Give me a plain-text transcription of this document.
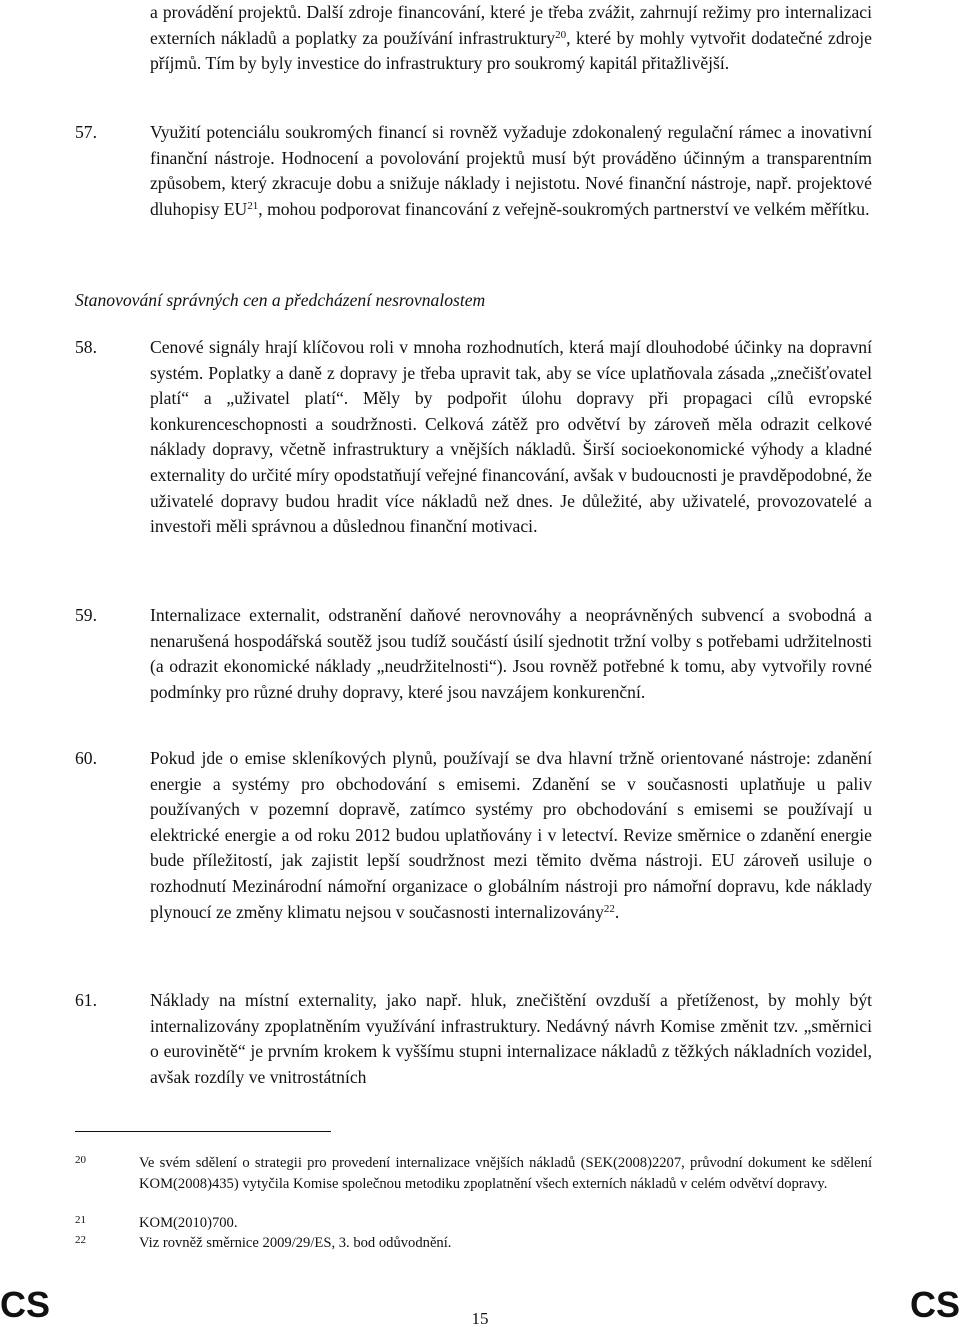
a provádění projektů. Další zdroje financování, které je třeba zvážit, zahrnují režimy pro internalizaci externích nákladů a poplatky za používání infrastruktury$^{20}$, které by mohly vytvořit dodatečné zdroje příjmů. Tím by byly investice do infrastruktury pro soukromý kapitál přitažlivější.
57.	Využití potenciálu soukromých financí si rovněž vyžaduje zdokonalený regulační rámec a inovativní finanční nástroje. Hodnocení a povolování projektů musí být prováděno účinným a transparentním způsobem, který zkracuje dobu a snižuje náklady i nejistotu. Nové finanční nástroje, např. projektové dluhopisy EU$^{21}$, mohou podporovat financování z veřejně-soukromých partnerství ve velkém měřítku.
Stanovování správných cen a předcházení nesrovnalostem
58.	Cenové signály hrají klíčovou roli v mnoha rozhodnutích, která mají dlouhodobé účinky na dopravní systém. Poplatky a daně z dopravy je třeba upravit tak, aby se více uplatňovala zásada „znečišťovatel platí“ a „uživatel platí“. Měly by podpořit úlohu dopravy při propagaci cílů evropské konkurenceschopnosti a soudržnosti. Celková zátěž pro odvětví by zároveň měla odrazit celkové náklady dopravy, včetně infrastruktury a vnějších nákladů. Širší socioekonomické výhody a kladné externality do určité míry opodstatňují veřejné financování, avšak v budoucnosti je pravděpodobné, že uživatelé dopravy budou hradit více nákladů než dnes. Je důležité, aby uživatelé, provozovatelé a investoři měli správnou a důslednou finanční motivaci.
59.	Internalizace externalit, odstranění daňové nerovnováhy a neoprávněných subvencí a svobodná a nenarušená hospodářská soutěž jsou tudíž součástí úsilí sjednotit tržní volby s potřebami udržitelnosti (a odrazit ekonomické náklady „neudržitelnosti“). Jsou rovněž potřebné k tomu, aby vytvořily rovné podmínky pro různé druhy dopravy, které jsou navzájem konkurenční.
60.	Pokud jde o emise skleníkových plynů, používají se dva hlavní tržně orientované nástroje: zdanění energie a systémy pro obchodování s emisemi. Zdanění se v současnosti uplatňuje u paliv používaných v pozemní dopravě, zatímco systémy pro obchodování s emisemi se používají u elektrické energie a od roku 2012 budou uplatňovány i v letectví. Revize směrnice o zdanění energie bude příležitostí, jak zajistit lepší soudržnost mezi těmito dvěma nástroji. EU zároveň usiluje o rozhodnutí Mezinárodní námořní organizace o globálním nástroji pro námořní dopravu, kde náklady plynoucí ze změny klimatu nejsou v současnosti internalizovány$^{22}$.
61.	Náklady na místní externality, jako např. hluk, znečištění ovzduší a přetíženost, by mohly být internalizovány zpoplatněním využívání infrastruktury. Nedávný návrh Komise změnit tzv. „směrnici o eurovinětě“ je prvním krokem k vyššímu stupni internalizace nákladů z těžkých nákladních vozidel, avšak rozdíly ve vnitrostátních
20	Ve svém sdělení o strategii pro provedení internalizace vnějších nákladů (SEK(2008)2207, průvodní dokument ke sdělení KOM(2008)435) vytyčila Komise společnou metodiku zpoplatnění všech externích nákladů v celém odvětví dopravy.
21	KOM(2010)700.
22	Viz rovněž směrnice 2009/29/ES, 3. bod odůvodnění.
CS	15	CS
